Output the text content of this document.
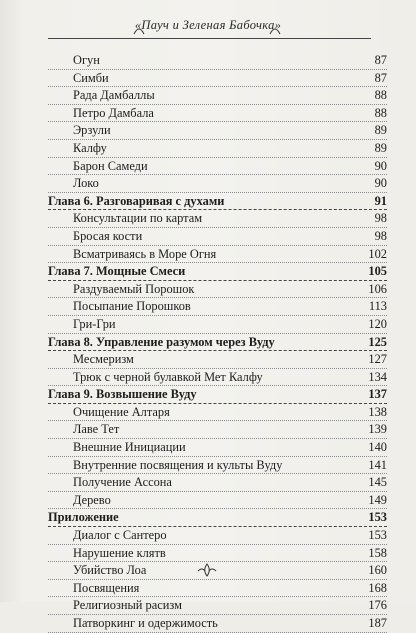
«Пауч и Зеленая Бабочка»
Огун	87
Симби	87
Рада Дамбаллы	88
Петро Дамбала	88
Эрзули	89
Калфу	89
Барон Самеди	90
Локо	90
Глава 6. Разговаривая с духами	91
Консультации по картам	98
Бросая кости	98
Всматриваясь в Море Огня	102
Глава 7. Мощные Смеси	105
Раздуваемый Порошок	106
Посыпание Порошков	113
Гри-Гри	120
Глава 8. Управление разумом через Вуду	125
Месмеризм	127
Трюк с черной булавкой Мет Калфу	134
Глава 9. Возвышение Вуду	137
Очищение Алтаря	138
Лаве Тет	139
Внешние Инициации	140
Внутренние посвящения и культы Вуду	141
Получение Ассона	145
Дерево	149
Приложение	153
Диалог с Сантеро	153
Нарушение клятв	158
Убийство Лоа	160
Посвящения	168
Религиозный расизм	176
Патворкинг и одержимость	187
